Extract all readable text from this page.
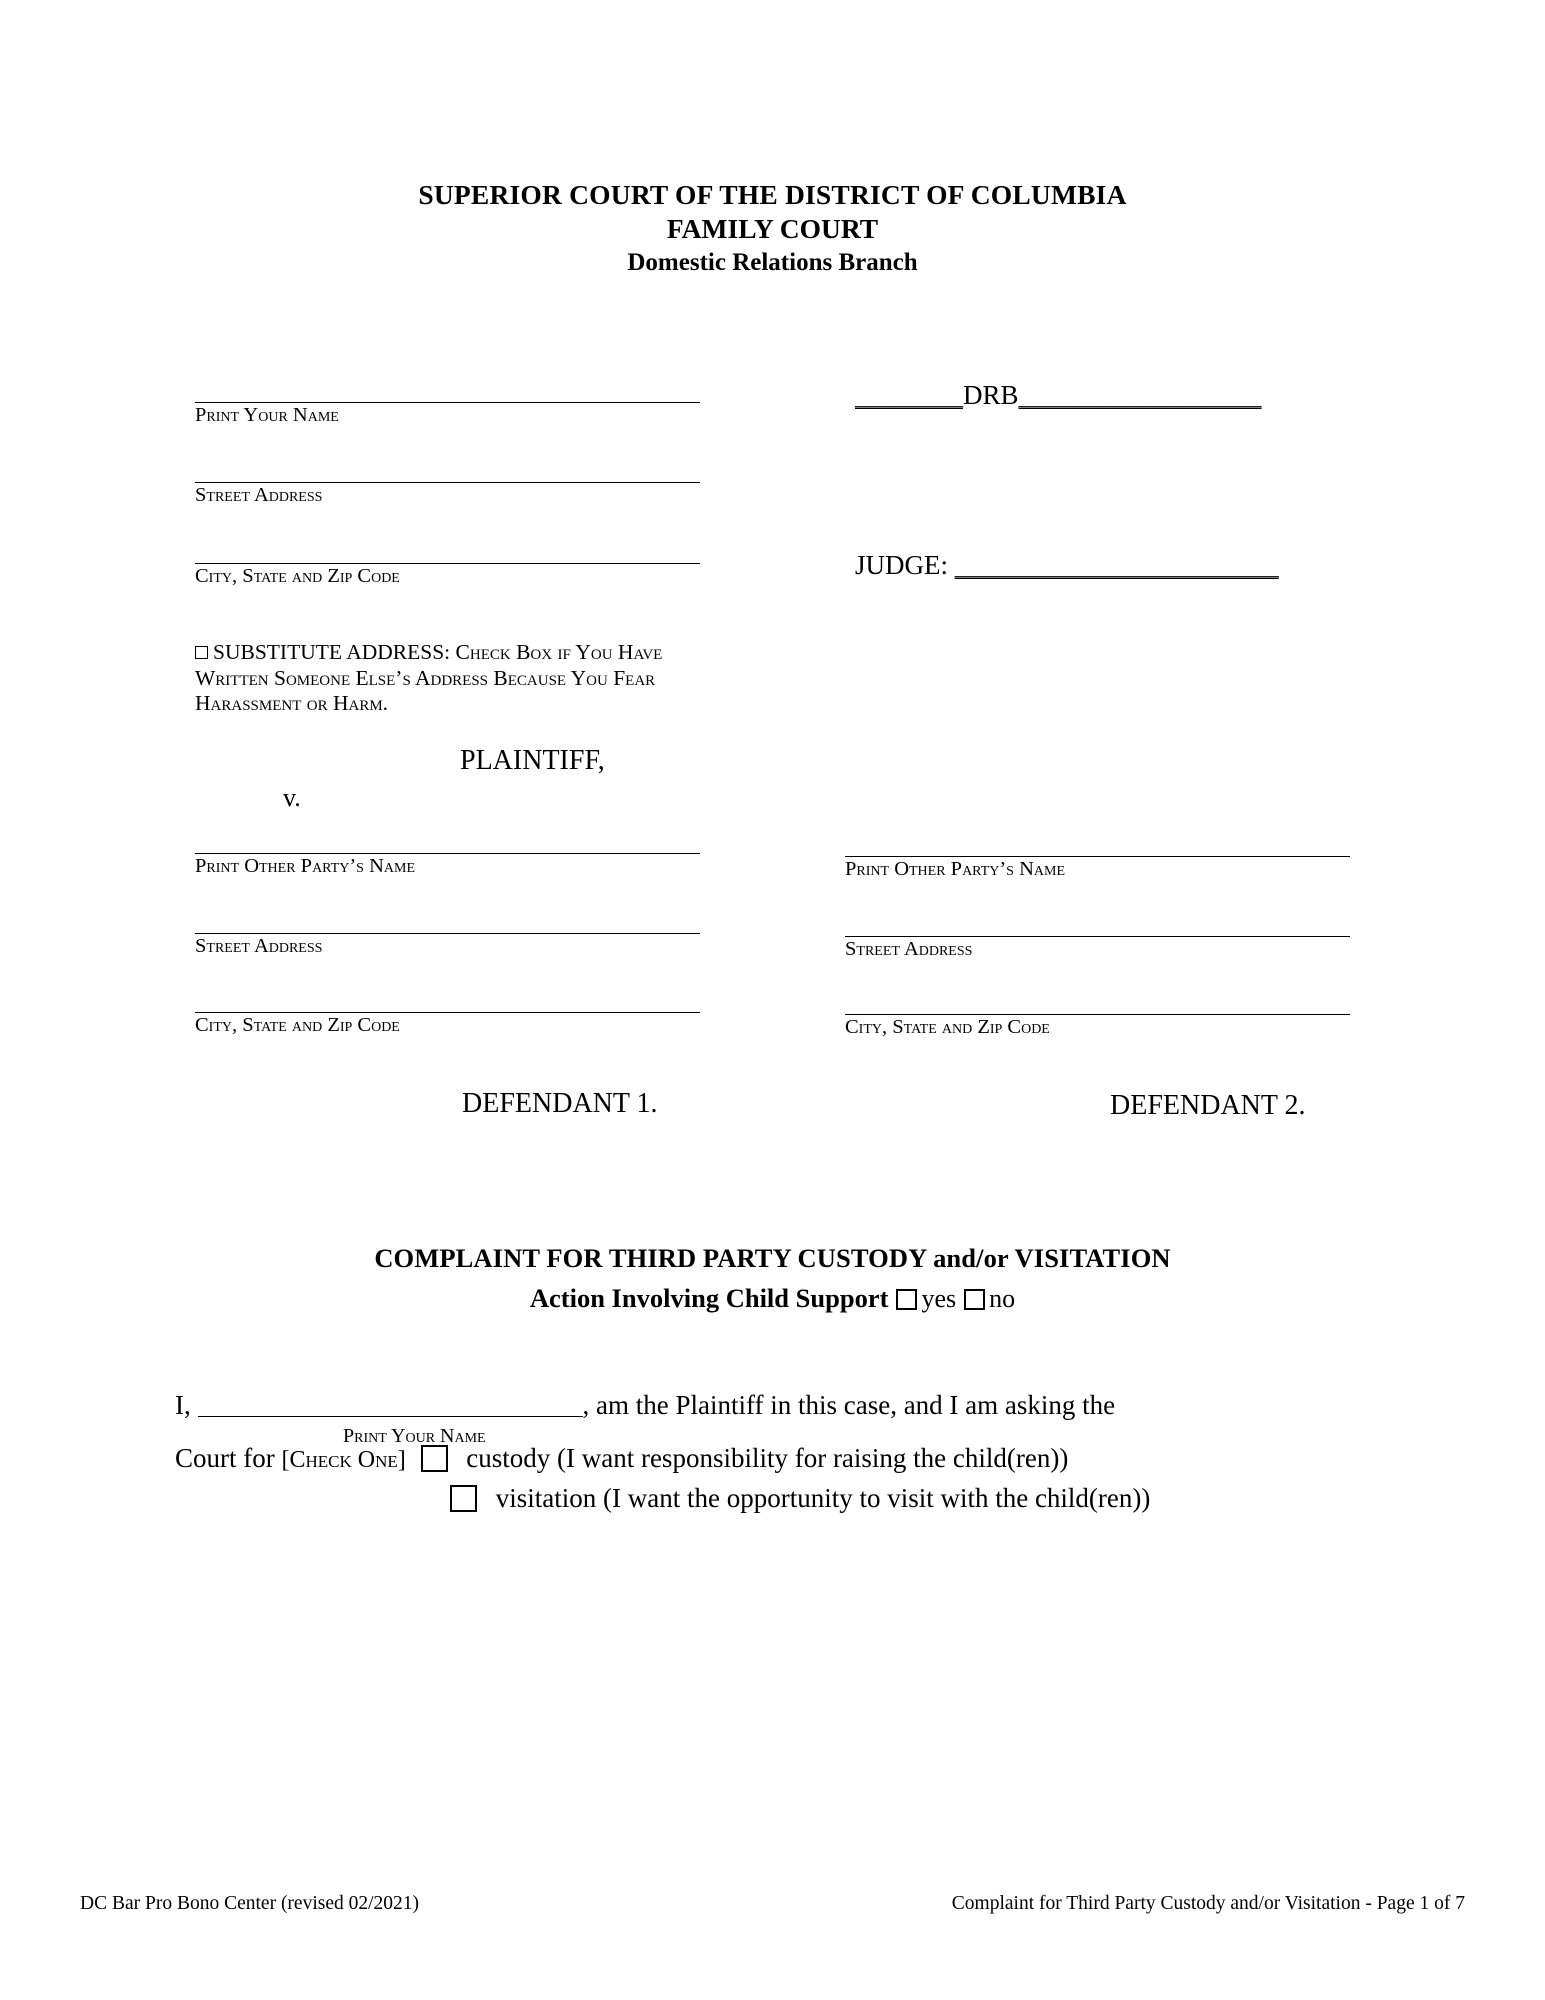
SUPERIOR COURT OF THE DISTRICT OF COLUMBIA
FAMILY COURT
Domestic Relations Branch
Print Your Name
Street Address
City, State and Zip Code
SUBSTITUTE ADDRESS: Check Box if You Have Written Someone Else’s Address Because You Fear Harassment or Harm.
________DRB__________________
JUDGE: ________________________
PLAINTIFF,
v.
Print Other Party’s Name
Street Address
City, State and Zip Code
DEFENDANT 1.
Print Other Party’s Name
Street Address
City, State and Zip Code
DEFENDANT 2.
COMPLAINT FOR THIRD PARTY CUSTODY and/or VISITATION
Action Involving Child Support yes no
I,	, am the Plaintiff in this case, and I am asking the
Print Your Name
Court for [Check One] custody (I want responsibility for raising the child(ren))
visitation (I want the opportunity to visit with the child(ren))
DC Bar Pro Bono Center (revised 02/2021)	Complaint for Third Party Custody and/or Visitation - Page 1 of 7
